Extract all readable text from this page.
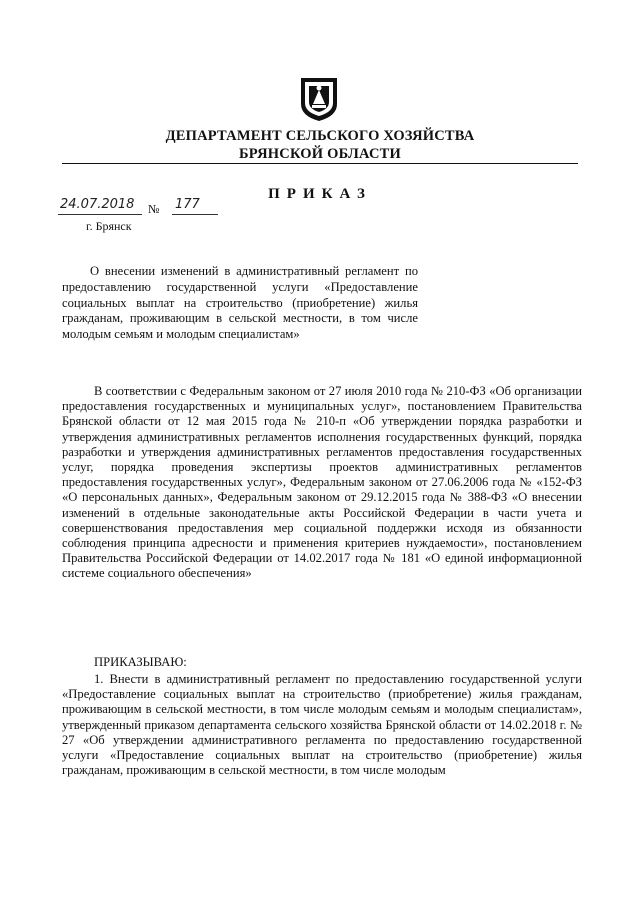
ДЕПАРТАМЕНТ СЕЛЬСКОГО ХОЗЯЙСТВА
БРЯНСКОЙ ОБЛАСТИ
ПРИКАЗ
24.07.2018	№ 177
г. Брянск
О внесении изменений в административный регламент по предоставлению государственной услуги «Предоставление социальных выплат на строительство (приобретение) жилья гражданам, проживающим в сельской местности, в том числе молодым семьям и молодым специалистам»
В соответствии с Федеральным законом от 27 июля 2010 года № 210-ФЗ «Об организации предоставления государственных и муниципальных услуг», постановлением Правительства Брянской области от 12 мая 2015 года № 210-п «Об утверждении порядка разработки и утверждения административных регламентов исполнения государственных функций, порядка разработки и утверждения административных регламентов предоставления государственных услуг, порядка проведения экспертизы проектов административных регламентов предоставления государственных услуг», Федеральным законом от 27.06.2006 года № «152-ФЗ «О персональных данных», Федеральным законом от 29.12.2015 года № 388-ФЗ «О внесении изменений в отдельные законодательные акты Российской Федерации в части учета и совершенствования предоставления мер социальной поддержки исходя из обязанности соблюдения принципа адресности и применения критериев нуждаемости», постановлением Правительства Российской Федерации от 14.02.2017 года № 181 «О единой информационной системе социального обеспечения»
ПРИКАЗЫВАЮ:
1. Внести в административный регламент по предоставлению государственной услуги «Предоставление социальных выплат на строительство (приобретение) жилья гражданам, проживающим в сельской местности, в том числе молодым семьям и молодым специалистам», утвержденный приказом департамента сельского хозяйства Брянской области от 14.02.2018 г. № 27 «Об утверждении административного регламента по предоставлению государственной услуги «Предоставление социальных выплат на строительство (приобретение) жилья гражданам, проживающим в сельской местности, в том числе молодым
